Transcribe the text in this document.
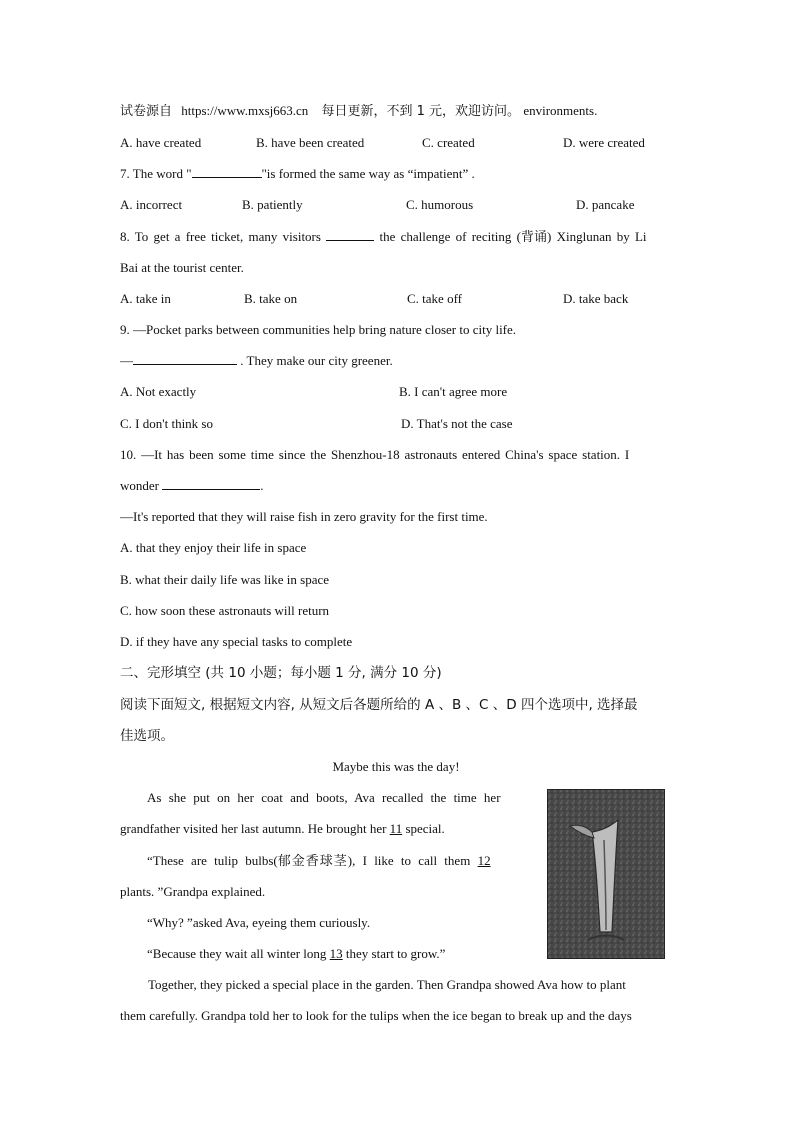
试卷源自 https://www.mxsj663.cn 每日更新，不到 1 元，欢迎访问。 environments.
A. have created	B. have been created	C. created	D. were created
7. The word "	"is formed the same way as “impatient” .
A. incorrect	B. patiently	C. humorous	D. pancake
8. To get a free ticket, many visitors	the challenge of reciting (背诵) Xinglunan by Li
Bai at the tourist center.
A. take in	B. take on	C. take off	D. take back
9. —Pocket parks between communities help bring nature closer to city life.
—	. They make our city greener.
A. Not exactly	B. I can't agree more
C. I don't think so	D. That's not the case
10. —It has been some time since the Shenzhou-18 astronauts entered China's space station. I
wonder	.
—It's reported that they will raise fish in zero gravity for the first time.
A. that they enjoy their life in space
B. what their daily life was like in space
C. how soon these astronauts will return
D. if they have any special tasks to complete
二、完形填空 (共 10 小题；每小题 1 分, 满分 10 分)
阅读下面短文, 根据短文内容, 从短文后各题所给的 A 、B 、C 、D 四个选项中, 选择最
佳选项。
Maybe this was the day!
As she put on her coat and boots, Ava recalled the time her
grandfather visited her last autumn. He brought her 11 special.
“These are tulip bulbs(郁金香球茎), I like to call them 12
plants. ”Grandpa explained.
“Why? ”asked Ava, eyeing them curiously.
“Because they wait all winter long 13 they start to grow.”
Together, they picked a special place in the garden. Then Grandpa showed Ava how to plant
them carefully. Grandpa told her to look for the tulips when the ice began to break up and the days
